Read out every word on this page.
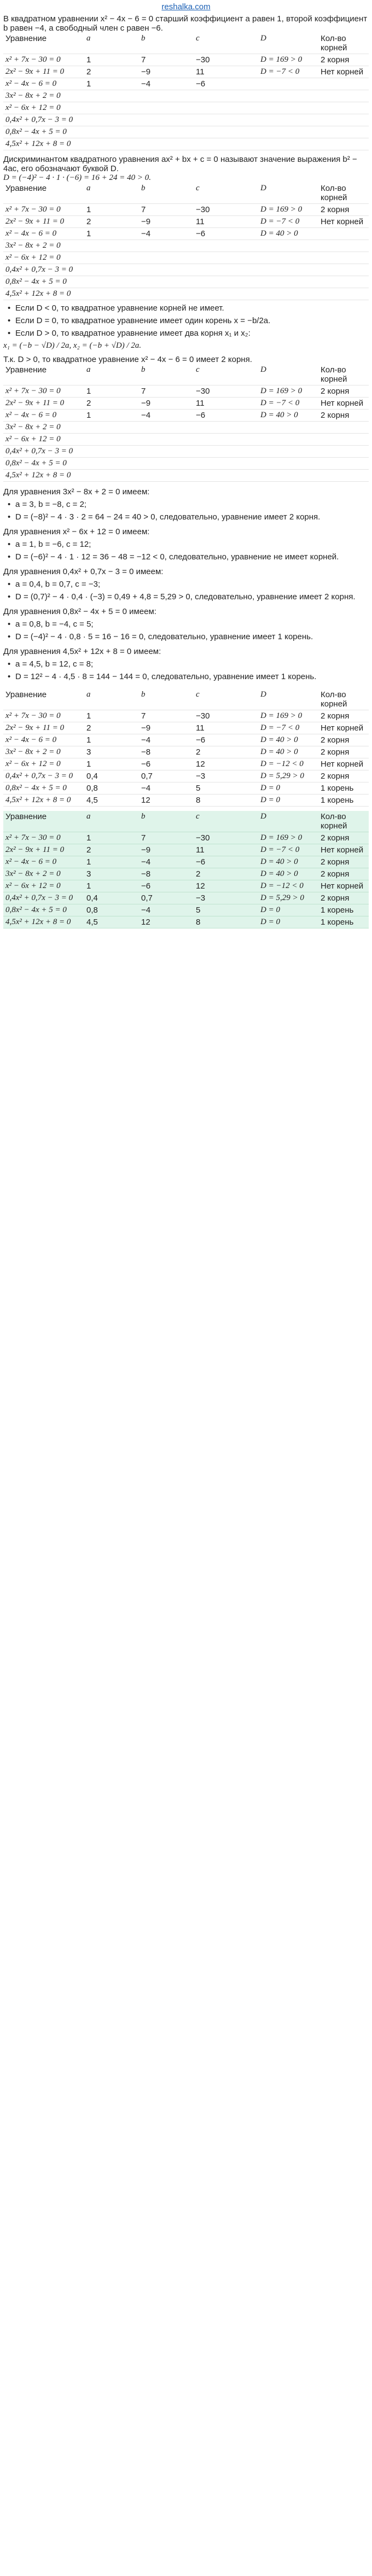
reshalka.com

В квадратном уравнении x² − 4x − 6 = 0 старший коэффициент a равен 1, второй коэффициент b равен −4, а свободный член c равен −6.

Уравнение	a	b	c	D	Кол-во корней
x² + 7x − 30 = 0	1	7	−30	D = 169 > 0	2 корня
2x² − 9x + 11 = 0	2	−9	11	D = −7 < 0	Нет корней
x² − 4x − 6 = 0	1	−4	−6		
3x² − 8x + 2 = 0					
x² − 6x + 12 = 0					
0,4x² + 0,7x − 3 = 0					
0,8x² − 4x + 5 = 0					
4,5x² + 12x + 8 = 0					

Дискриминантом квадратного уравнения ax² + bx + c = 0 называют значение выражения b² − 4ac, его обозначают буквой D.

D = (−4)² − 4 · 1 · (−6) = 16 + 24 = 40 > 0.

Уравнение	a	b	c	D	Кол-во корней
x² + 7x − 30 = 0	1	7	−30	D = 169 > 0	2 корня
2x² − 9x + 11 = 0	2	−9	11	D = −7 < 0	Нет корней
x² − 4x − 6 = 0	1	−4	−6	D = 40 > 0	
3x² − 8x + 2 = 0					
x² − 6x + 12 = 0					
0,4x² + 0,7x − 3 = 0					
0,8x² − 4x + 5 = 0					
4,5x² + 12x + 8 = 0					
• Если D < 0, то квадратное уравнение корней не имеет.
• Если D = 0, то квадратное уравнение имеет один корень x = −b/2a.
• Если D > 0, то квадратное уравнение имеет два корня x₁ и x₂:

x₁ = (−b − √D) / 2a, x₂ = (−b + √D) / 2a.

Т.к. D > 0, то квадратное уравнение x² − 4x − 6 = 0 имеет 2 корня.

Уравнение	a	b	c	D	Кол-во корней
x² + 7x − 30 = 0	1	7	−30	D = 169 > 0	2 корня
2x² − 9x + 11 = 0	2	−9	11	D = −7 < 0	Нет корней
x² − 4x − 6 = 0	1	−4	−6	D = 40 > 0	2 корня
3x² − 8x + 2 = 0					
x² − 6x + 12 = 0					
0,4x² + 0,7x − 3 = 0					
0,8x² − 4x + 5 = 0					
4,5x² + 12x + 8 = 0					

Для уравнения 3x² − 8x + 2 = 0 имеем:

• a = 3, b = −8, c = 2;
• D = (−8)² − 4 · 3 · 2 = 64 − 24 = 40 > 0, следовательно, уравнение имеет 2 корня.

Для уравнения x² − 6x + 12 = 0 имеем:

• a = 1, b = −6, c = 12;
• D = (−6)² − 4 · 1 · 12 = 36 − 48 = −12 < 0, следовательно, уравнение не имеет корней.

Для уравнения 0,4x² + 0,7x − 3 = 0 имеем:

• a = 0,4, b = 0,7, c = −3;
• D = (0,7)² − 4 · 0,4 · (−3) = 0,49 + 4,8 = 5,29 > 0, следовательно, уравнение имеет 2 корня.

Для уравнения 0,8x² − 4x + 5 = 0 имеем:

• a = 0,8, b = −4, c = 5;
• D = (−4)² − 4 · 0,8 · 5 = 16 − 16 = 0, следовательно, уравнение имеет 1 корень.

Для уравнения 4,5x² + 12x + 8 = 0 имеем:

• a = 4,5, b = 12, c = 8;
• D = 12² − 4 · 4,5 · 8 = 144 − 144 = 0, следовательно, уравнение имеет 1 корень.
Уравнение	a	b	c	D	Кол-во корней
x² + 7x − 30 = 0	1	7	−30	D = 169 > 0	2 корня
2x² − 9x + 11 = 0	2	−9	11	D = −7 < 0	Нет корней
x² − 4x − 6 = 0	1	−4	−6	D = 40 > 0	2 корня
3x² − 8x + 2 = 0	3	−8	2	D = 40 > 0	2 корня
x² − 6x + 12 = 0	1	−6	12	D = −12 < 0	Нет корней
0,4x² + 0,7x − 3 = 0	0,4	0,7	−3	D = 5,29 > 0	2 корня
0,8x² − 4x + 5 = 0	0,8	−4	5	D = 0	1 корень
4,5x² + 12x + 8 = 0	4,5	12	8	D = 0	1 корень
Уравнение	a	b	c	D	Кол-во корней
x² + 7x − 30 = 0	1	7	−30	D = 169 > 0	2 корня
2x² − 9x + 11 = 0	2	−9	11	D = −7 < 0	Нет корней
x² − 4x − 6 = 0	1	−4	−6	D = 40 > 0	2 корня
3x² − 8x + 2 = 0	3	−8	2	D = 40 > 0	2 корня
x² − 6x + 12 = 0	1	−6	12	D = −12 < 0	Нет корней
0,4x² + 0,7x − 3 = 0	0,4	0,7	−3	D = 5,29 > 0	2 корня
0,8x² − 4x + 5 = 0	0,8	−4	5	D = 0	1 корень
4,5x² + 12x + 8 = 0	4,5	12	8	D = 0	1 корень
